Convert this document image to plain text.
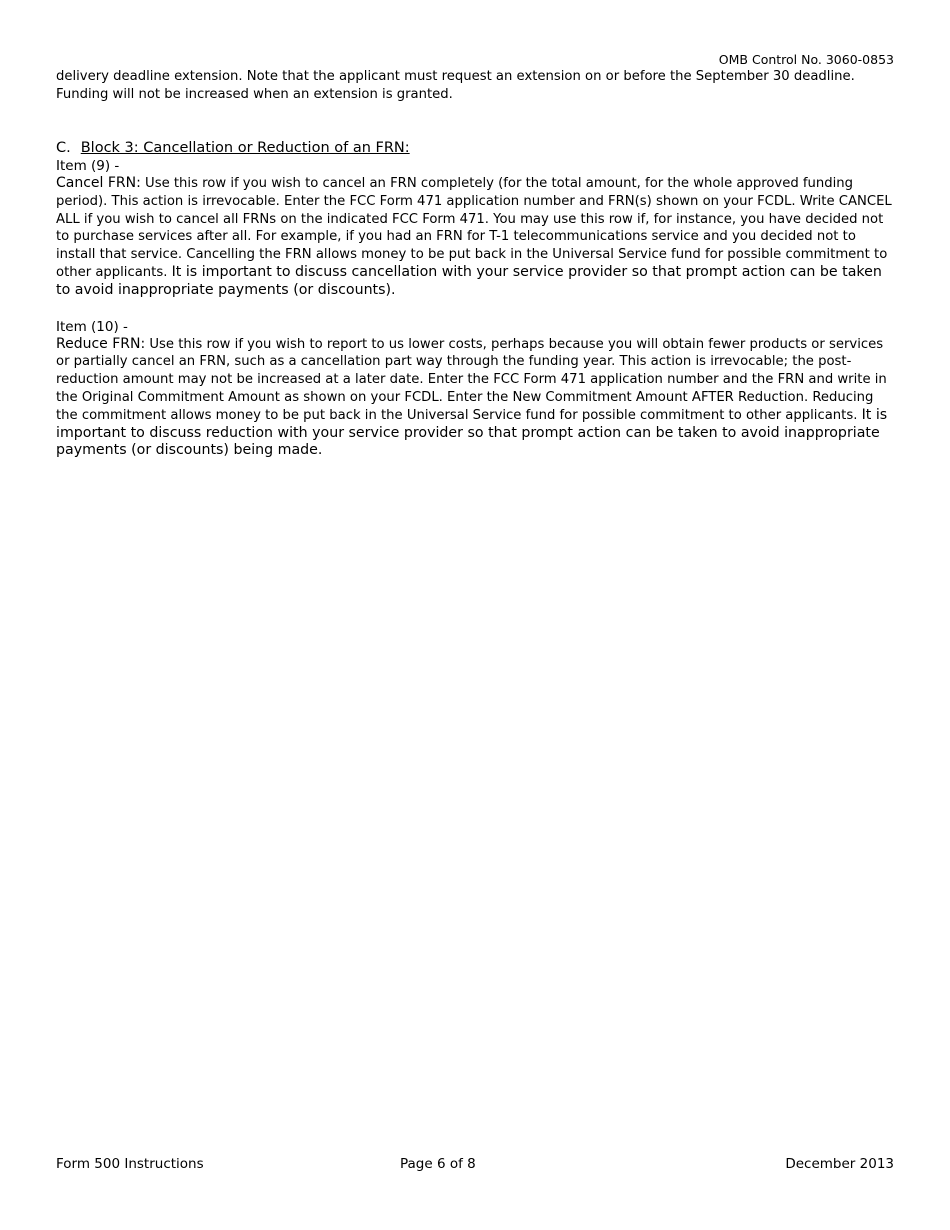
OMB Control No. 3060-0853

delivery deadline extension. Note that the applicant must request an extension on or before the September 30 deadline. Funding will not be increased when an extension is granted.

C. Block 3: Cancellation or Reduction of an FRN:

Item (9) -

Cancel FRN: Use this row if you wish to cancel an FRN completely (for the total amount, for the whole approved funding period). This action is irrevocable. Enter the FCC Form 471 application number and FRN(s) shown on your FCDL. Write CANCEL ALL if you wish to cancel all FRNs on the indicated FCC Form 471. You may use this row if, for instance, you have decided not to purchase services after all. For example, if you had an FRN for T-1 telecommunications service and you decided not to install that service. Cancelling the FRN allows money to be put back in the Universal Service fund for possible commitment to other applicants. It is important to discuss cancellation with your service provider so that prompt action can be taken to avoid inappropriate payments (or discounts).

Item (10) -

Reduce FRN: Use this row if you wish to report to us lower costs, perhaps because you will obtain fewer products or services or partially cancel an FRN, such as a cancellation part way through the funding year. This action is irrevocable; the post-reduction amount may not be increased at a later date. Enter the FCC Form 471 application number and the FRN and write in the Original Commitment Amount as shown on your FCDL. Enter the New Commitment Amount AFTER Reduction. Reducing the commitment allows money to be put back in the Universal Service fund for possible commitment to other applicants. It is important to discuss reduction with your service provider so that prompt action can be taken to avoid inappropriate payments (or discounts) being made.

Form 500 Instructions	Page 6 of 8	December 2013
